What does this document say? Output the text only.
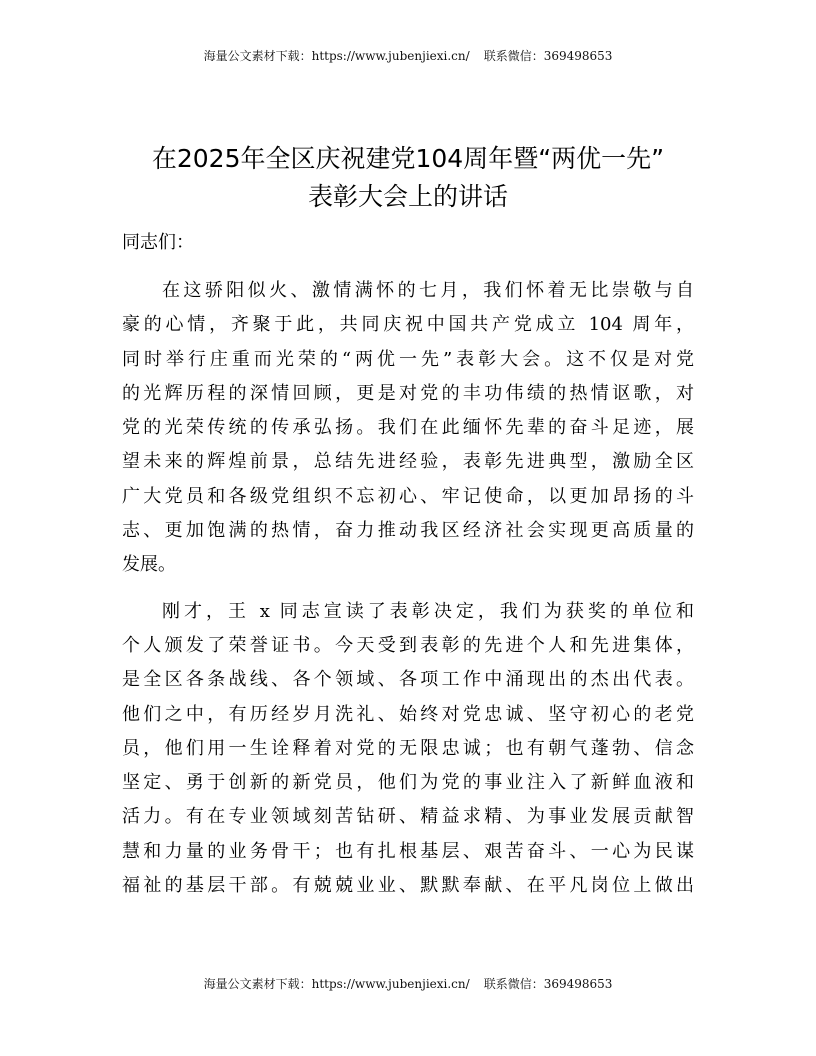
海量公文素材下载：https://www.jubenjiexi.cn/ 联系微信：369498653
在2025年全区庆祝建党104周年暨“两优一先”
表彰大会上的讲话

同志们：

在这骄阳似火、激情满怀的七月，我们怀着无比崇敬与自
豪的心情，齐聚于此，共同庆祝中国共产党成立 104 周年，
同时举行庄重而光荣的“两优一先”表彰大会。这不仅是对党
的光辉历程的深情回顾，更是对党的丰功伟绩的热情讴歌，对
党的光荣传统的传承弘扬。我们在此缅怀先辈的奋斗足迹，展
望未来的辉煌前景，总结先进经验，表彰先进典型，激励全区
广大党员和各级党组织不忘初心、牢记使命，以更加昂扬的斗
志、更加饱满的热情，奋力推动我区经济社会实现更高质量的
发展。
刚才，王 x 同志宣读了表彰决定，我们为获奖的单位和
个人颁发了荣誉证书。今天受到表彰的先进个人和先进集体，
是全区各条战线、各个领域、各项工作中涌现出的杰出代表。
他们之中，有历经岁月洗礼、始终对党忠诚、坚守初心的老党
员，他们用一生诠释着对党的无限忠诚；也有朝气蓬勃、信念
坚定、勇于创新的新党员，他们为党的事业注入了新鲜血液和
活力。有在专业领域刻苦钻研、精益求精、为事业发展贡献智
慧和力量的业务骨干；也有扎根基层、艰苦奋斗、一心为民谋
福祉的基层干部。有兢兢业业、默默奉献、在平凡岗位上做出
海量公文素材下载：https://www.jubenjiexi.cn/ 联系微信：369498653
